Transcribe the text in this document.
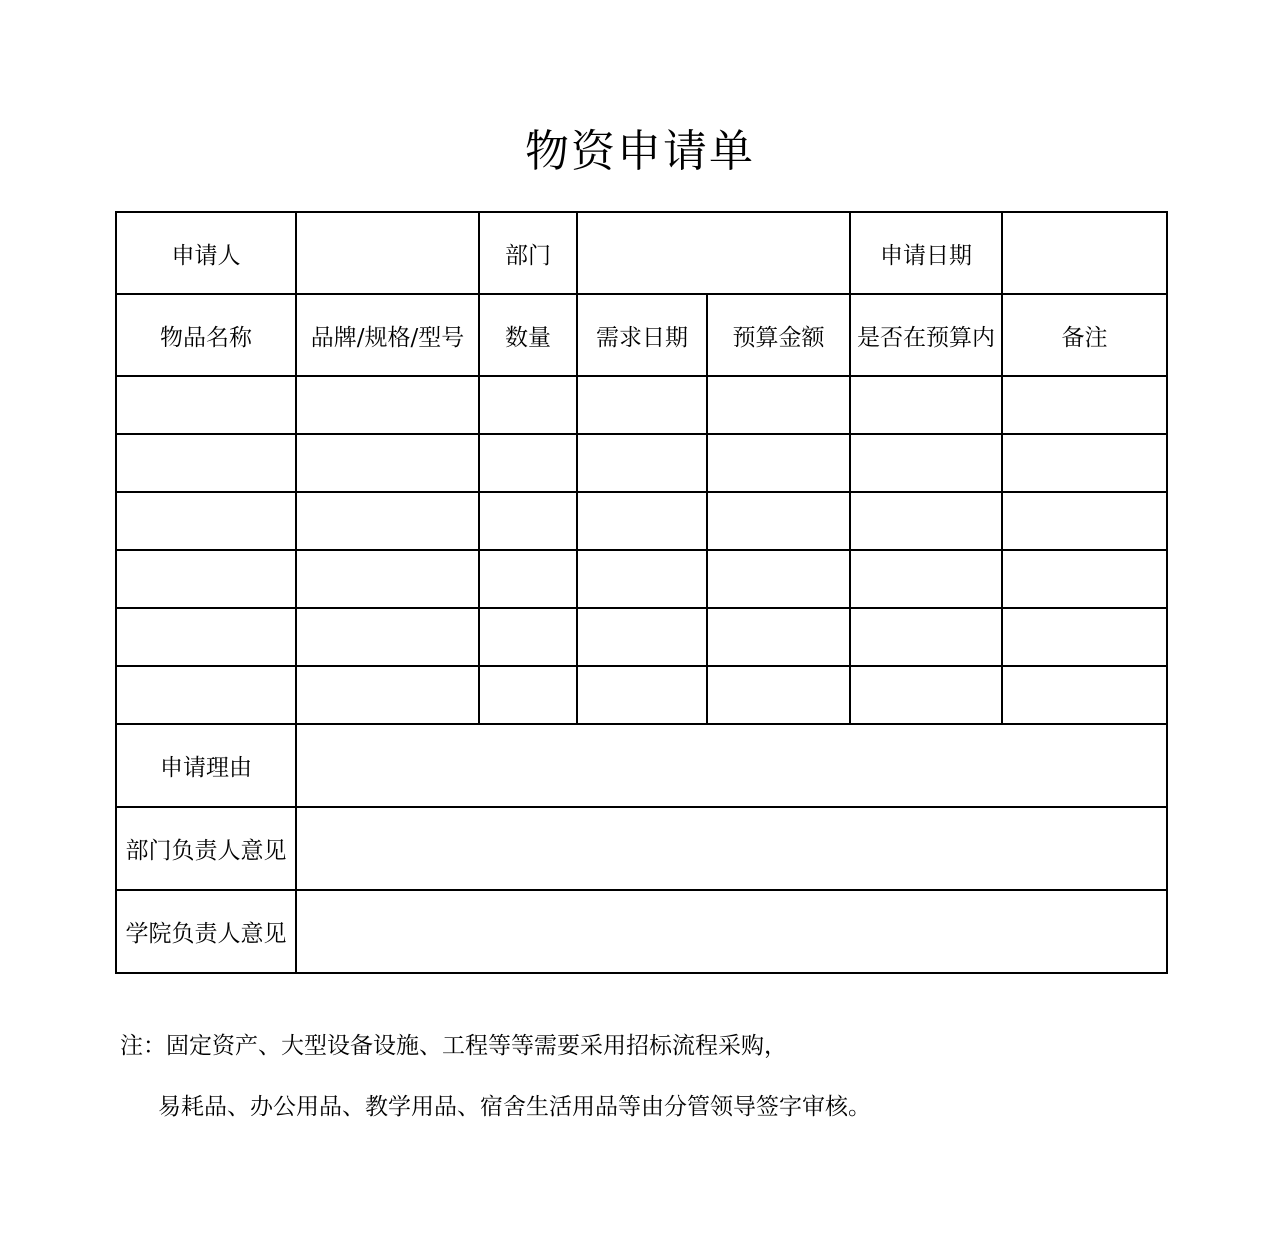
物资申请单
申请人		部门			申请日期	
物品名称	品牌/规格/型号	数量	需求日期	预算金额	是否在预算内	备注

申请理由						
部门负责人意见						
学院负责人意见						
注：固定资产、大型设备设施、工程等等需要采用招标流程采购，
易耗品、办公用品、教学用品、宿舍生活用品等由分管领导签字审核。
